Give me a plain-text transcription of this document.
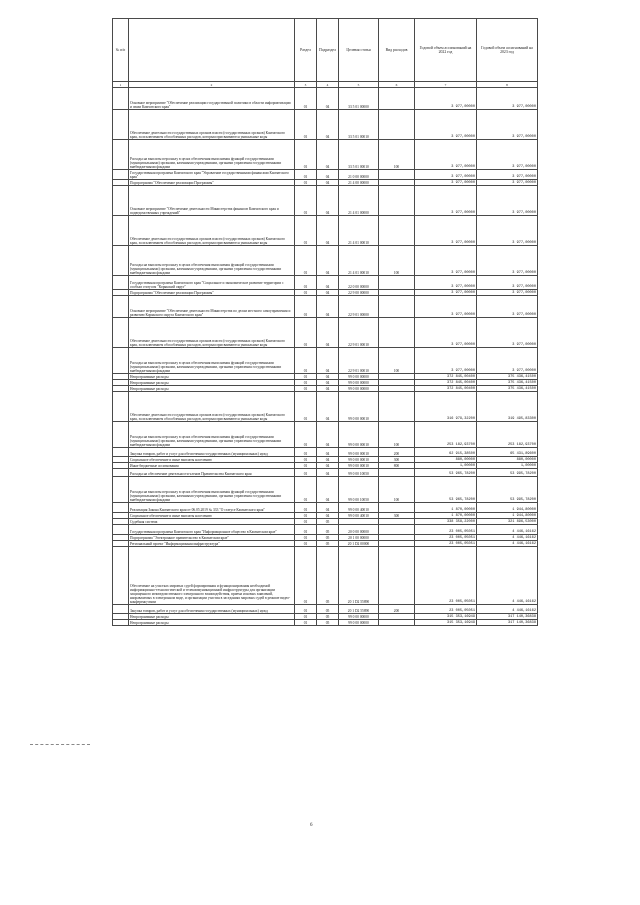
№ п/п		Раздел	Подраздел	Целевая статья	Вид расходов	Годовой объем ассигнований на 2022 год	Годовой объем ассигнований на 2023 год
1	2	3	4	5	6	7	8
	Основное мероприятие "Обеспечение реализации государственной политики в области информатизации и связи Камчатского края"	01	04	33 5 01 00000		3 977,00000	3 977,00000
	Обеспечение деятельности государственных органов власти (государственных органов) Камчатского края, за исключением обособленных расходов, которым присваиваются уникальные коды	01	04	33 5 01 00010		3 977,00000	3 977,00000
	Расходы на выплаты персоналу в целях обеспечения выполнения функций государственными (муниципальными) органами, казенными учреждениями, органами управления государственными внебюджетными фондами	01	04	33 5 01 00010	100	3 977,00000	3 977,00000
	Государственная программа Камчатского края "Управление государственными финансами Камчатского края"	01	04	21 0 00 00000		3 977,00000	3 977,00000
	Подпрограмма "Обеспечение реализации Программы"	01	04	21 4 00 00000		3 977,00000	3 977,00000
	Основное мероприятие "Обеспечение деятельности Министерства финансов Камчатского края и подведомственных учреждений"	01	04	21 4 01 00000		3 977,00000	3 977,00000
	Обеспечение деятельности государственных органов власти (государственных органов) Камчатского края, за исключением обособленных расходов, которым присваиваются уникальные коды	01	04	21 4 01 00010		3 977,00000	3 977,00000
	Расходы на выплаты персоналу в целях обеспечения выполнения функций государственными (муниципальными) органами, казенными учреждениями, органами управления государственными внебюджетными фондами	01	04	21 4 01 00010	100	3 977,00000	3 977,00000
	Государственная программа Камчатского края "Социальное и экономическое развитие территории с особым статусом "Корякский округ"	01	04	22 0 00 00000		3 977,00000	3 977,00000
	Подпрограмма "Обеспечение реализации Программы"	01	04	22 9 00 00000		3 977,00000	3 977,00000
	Основное мероприятие "Обеспечение деятельности Министерства по делам местного самоуправления и развитию Корякского округа Камчатского края"	01	04	22 9 01 00000		3 977,00000	3 977,00000
	Обеспечение деятельности государственных органов власти (государственных органов) Камчатского края, за исключением обособленных расходов, которым присваиваются уникальные коды	01	04	22 9 01 00010		3 977,00000	3 977,00000
	Расходы на выплаты персоналу в целях обеспечения выполнения функций государственными (муниципальными) органами, казенными учреждениями, органами управления государственными внебюджетными фондами	01	04	22 9 01 00010	100	3 977,00000	3 977,00000
	Непрограммные расходы	01	04	99 0 00 00000		372 845,00400	375 436,41500
	Непрограммные расходы	01	04	99 0 00 00000		372 845,00400	375 436,41500
	Непрограммные расходы	01	04	99 0 00 00000		372 845,00400	375 436,41500
	Обеспечение деятельности государственных органов власти (государственных органов) Камчатского края, за исключением обособленных расходов, которым присваиваются уникальные коды	01	04	99 0 00 00010		316 979,32200	319 495,83300
	Расходы на выплаты персоналу в целях обеспечения выполнения функций государственными (муниципальными) органами, казенными учреждениями, органами управления государственными внебюджетными фондами	01	04	99 0 00 00010	100	253 182,93700	253 182,93700
	Закупка товаров, работ и услуг для обеспечения государственных (муниципальных) нужд	01	04	99 0 00 00010	200	62 915,38500	65 431,89600
	Социальное обеспечение и иные выплаты населению	01	04	99 0 00 00010	300	880,00000	880,00000
	Иные бюджетные ассигнования	01	04	99 0 00 00010	800	1,00000	1,00000
	Расходы на обеспечение деятельности членов Правительства Камчатского края	01	04	99 0 00 10050		53 965,78200	53 995,78200
	Расходы на выплаты персоналу в целях обеспечения выполнения функций государственными (муниципальными) органами, казенными учреждениями, органами управления государственными внебюджетными фондами	01	04	99 0 00 10050	100	53 965,78200	53 995,78200
	Реализация Закона Камчатского края от 06.05.2019 № 333 "О статусе Камчатского края"	01	04	99 0 00 40010		1 870,00000	1 944,80000
	Социальное обеспечение и иные выплаты населению	01	04	99 0 00 40010	300	1 870,00000	1 944,80000
	Судебная система	01	05			338 358,22000	321 896,53000
	Государственная программа Камчатского края "Информационное общество в Камчатском крае"	01	05	20 0 00 00000		23 005,05051	4 446,16162
	Подпрограмма "Электронное правительство в Камчатском крае"	01	05	20 1 00 00000		23 005,05051	4 446,16162
	Региональный проект "Информационная инфраструктура"	01	05	20 1 D2 00000		23 005,05051	4 446,16162
	Обеспечение на участках мировых судей формирования и функционирования необходимой информационно-технологической и телекоммуникационной инфраструктуры для организации защищенного межведомственного электронного взаимодействия, приема исковых заявлений, направляемых в электронном виде, и организации участия в заседаниях мировых судей в режиме видео-конференц-связи	01	05	20 1 D2 55890		23 005,05051	4 446,16162
	Закупка товаров, работ и услуг для обеспечения государственных (муниципальных) нужд	01	05	20 1 D2 55890	200	23 005,05051	4 446,16162
	Непрограммные расходы	01	05	99 0 00 00000		315 353,16949	317 140,36838
	Непрограммные расходы	01	05	99 0 00 00000		315 353,16949	317 140,36838
6
